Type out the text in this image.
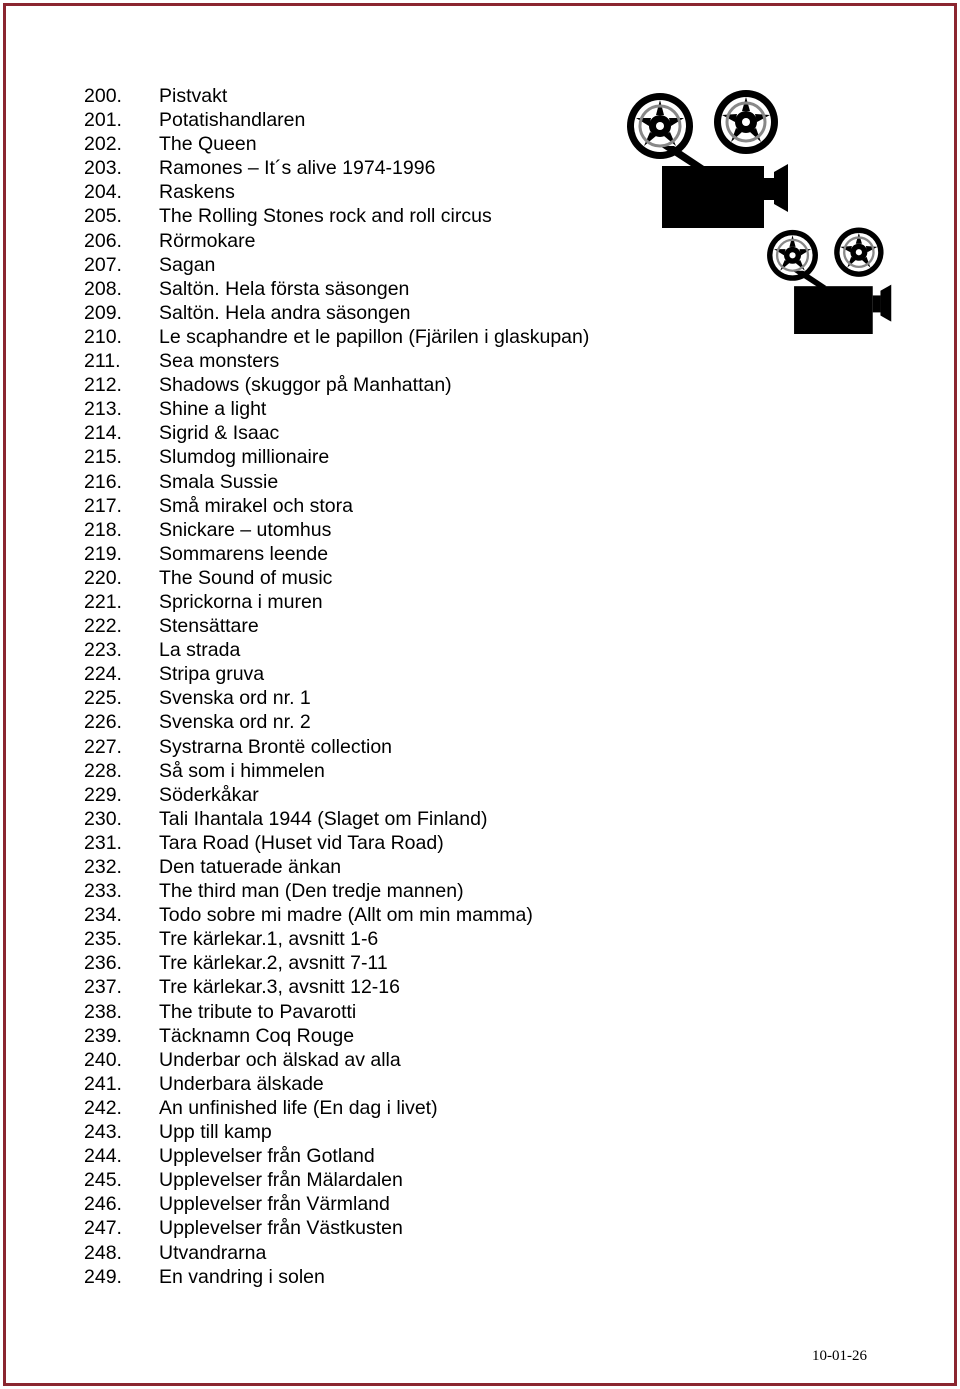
200.	Pistvakt
201.	Potatishandlaren
202.	The Queen
203.	Ramones – It´s alive 1974-1996
204.	Raskens
205.	The Rolling Stones rock and roll circus
206.	Rörmokare
207.	Sagan
208.	Saltön. Hela första säsongen
209.	Saltön. Hela andra säsongen
210.	Le scaphandre et le papillon (Fjärilen i glaskupan)
211.	Sea monsters
212.	Shadows (skuggor på Manhattan)
213.	Shine a light
214.	Sigrid & Isaac
215.	Slumdog millionaire
216.	Smala Sussie
217.	Små mirakel och stora
218.	Snickare – utomhus
219.	Sommarens leende
220.	The Sound of music
221.	Sprickorna i muren
222.	Stensättare
223.	La strada
224.	Stripa gruva
225.	Svenska ord nr. 1
226.	Svenska ord nr. 2
227.	Systrarna Brontë collection
228.	Så som i himmelen
229.	Söderkåkar
230.	Tali Ihantala 1944 (Slaget om Finland)
231.	Tara Road (Huset vid Tara Road)
232.	Den tatuerade änkan
233.	The third man (Den tredje mannen)
234.	Todo sobre mi madre (Allt om min mamma)
235.	Tre kärlekar.1, avsnitt 1-6
236.	Tre kärlekar.2, avsnitt 7-11
237.	Tre kärlekar.3, avsnitt 12-16
238.	The tribute to Pavarotti
239.	Täcknamn Coq Rouge
240.	Underbar och älskad av alla
241.	Underbara älskade
242.	An unfinished life (En dag i livet)
243.	Upp till kamp
244.	Upplevelser från Gotland
245.	Upplevelser från Mälardalen
246.	Upplevelser från Värmland
247.	Upplevelser från Västkusten
248.	Utvandrarna
249.	En vandring i solen
10-01-26
